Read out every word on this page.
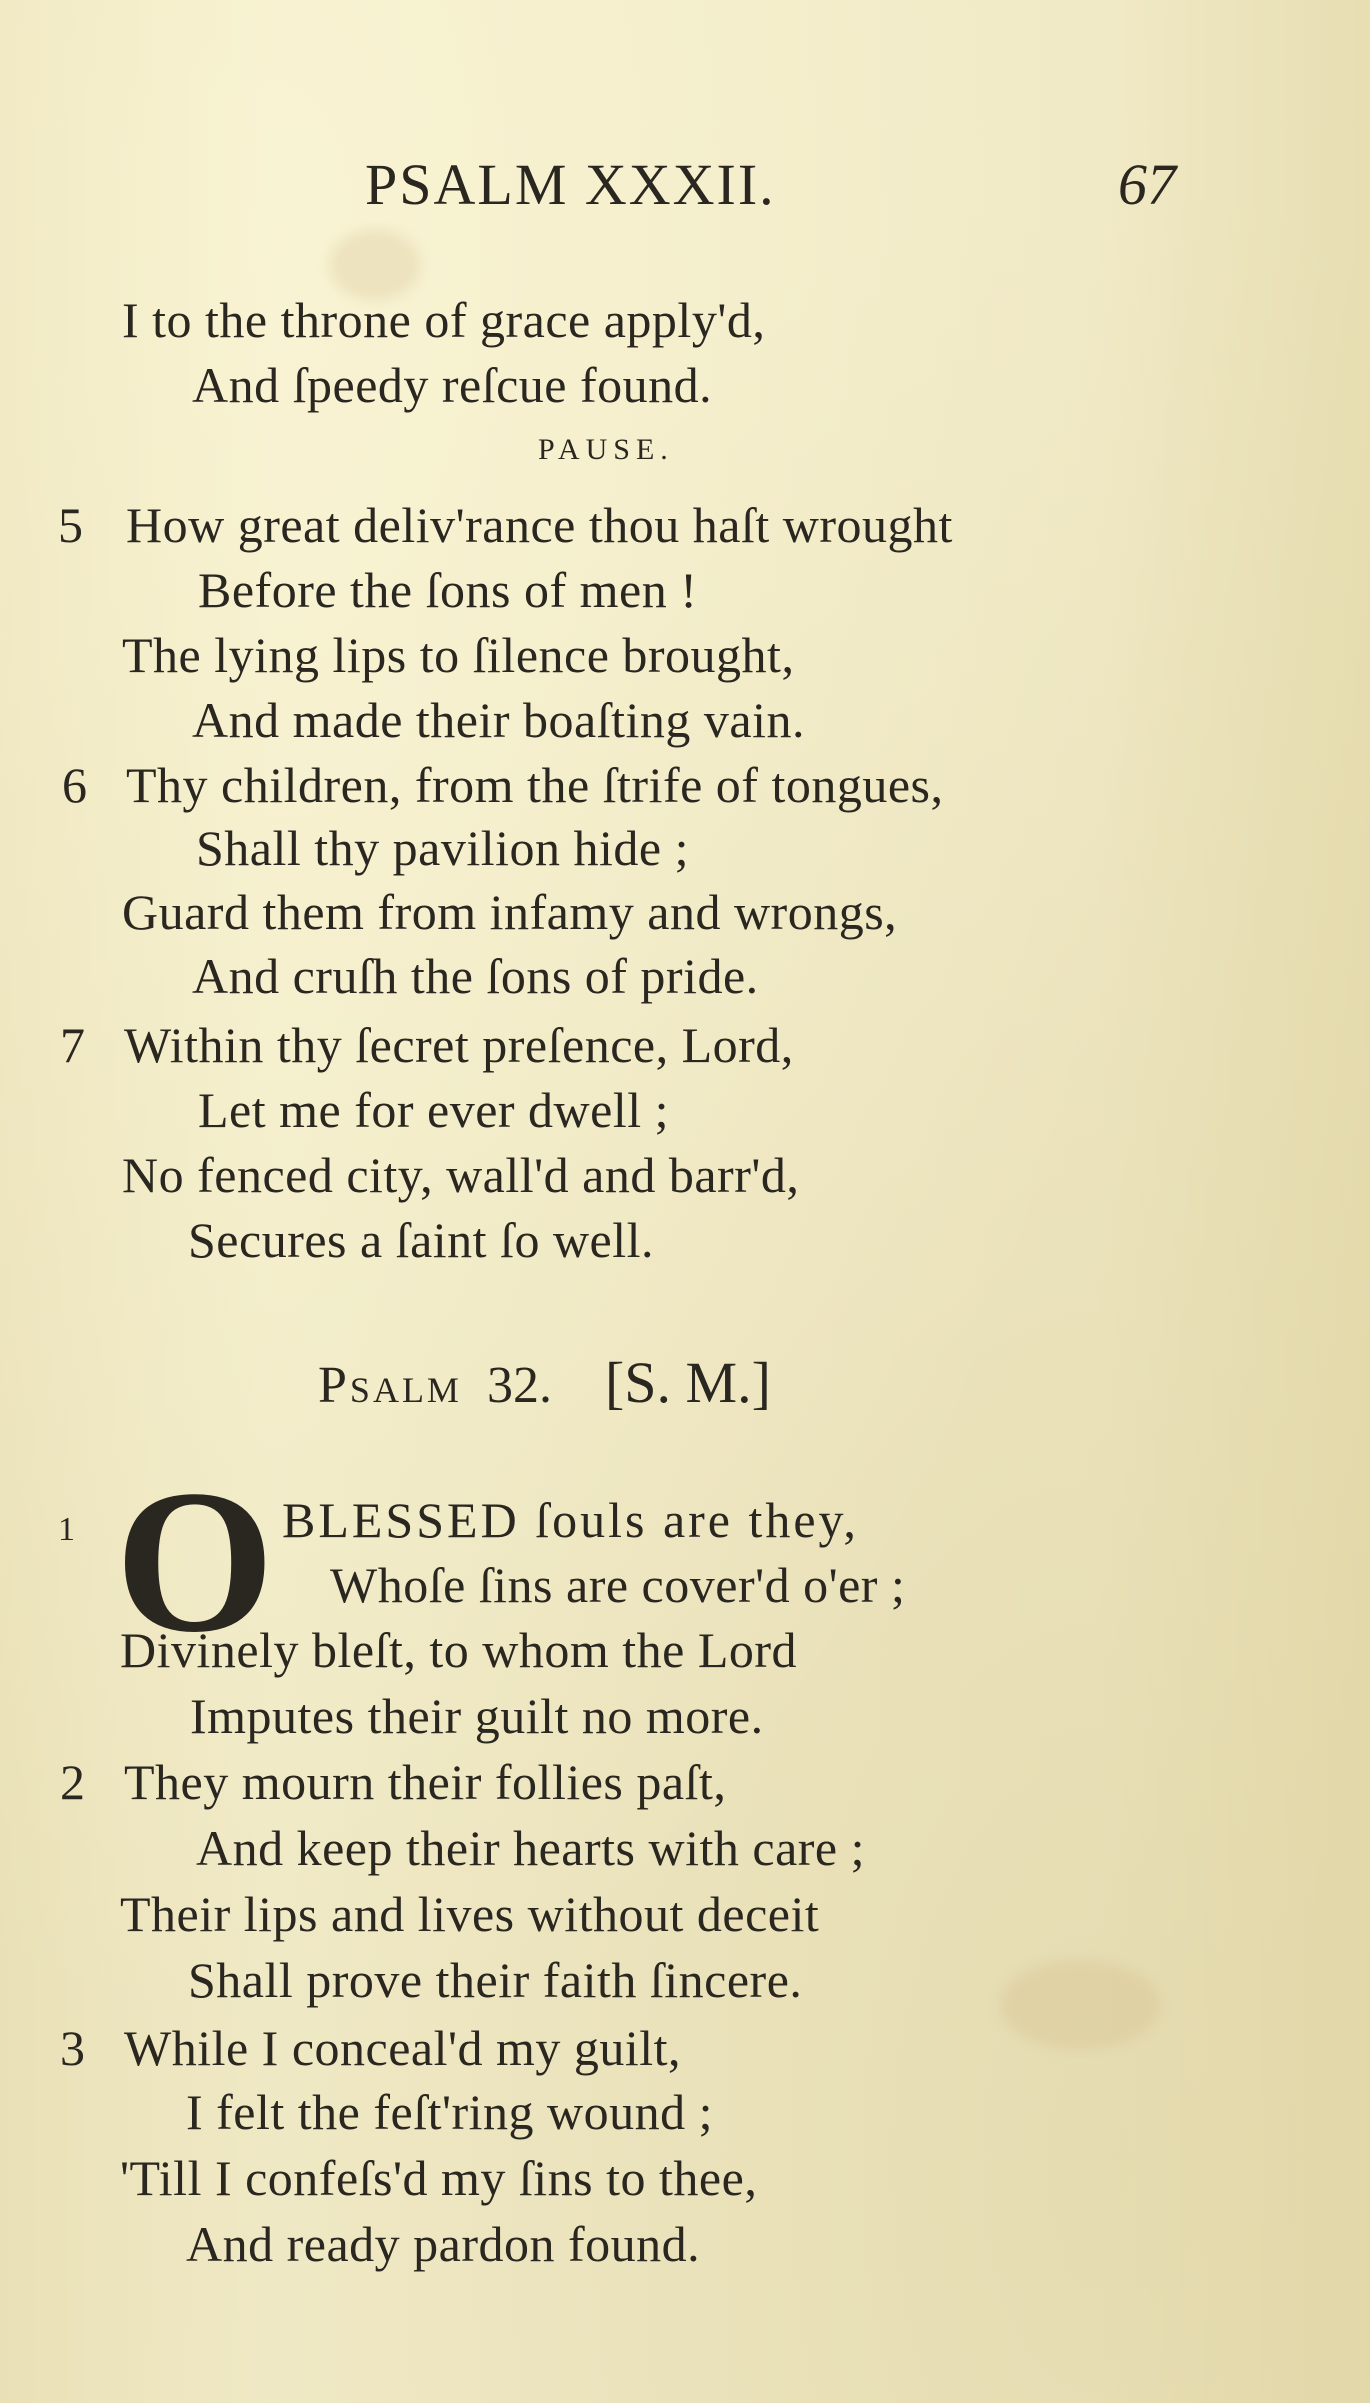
PSALM XXXII.	67
I to the throne of grace apply'd,
And ſpeedy reſcue found.
PAUSE.
5 How great deliv'rance thou haſt wrought
Before the ſons of men !
The lying lips to ſilence brought,
And made their boaſting vain.
6 Thy children, from the ſtrife of tongues,
Shall thy pavilion hide ;
Guard them from infamy and wrongs,
And cruſh the ſons of pride.
7 Within thy ſecret preſence, Lord,
Let me for ever dwell ;
No fenced city, wall'd and barr'd,
Secures a ſaint ſo well.
Psalm 32. [S. M.]
1 O BLESSED ſouls are they,
Whoſe ſins are cover'd o'er ;
Divinely bleſt, to whom the Lord
Imputes their guilt no more.
2 They mourn their follies paſt,
And keep their hearts with care ;
Their lips and lives without deceit
Shall prove their faith ſincere.
3 While I conceal'd my guilt,
I felt the feſt'ring wound ;
'Till I confeſs'd my ſins to thee,
And ready pardon found.
